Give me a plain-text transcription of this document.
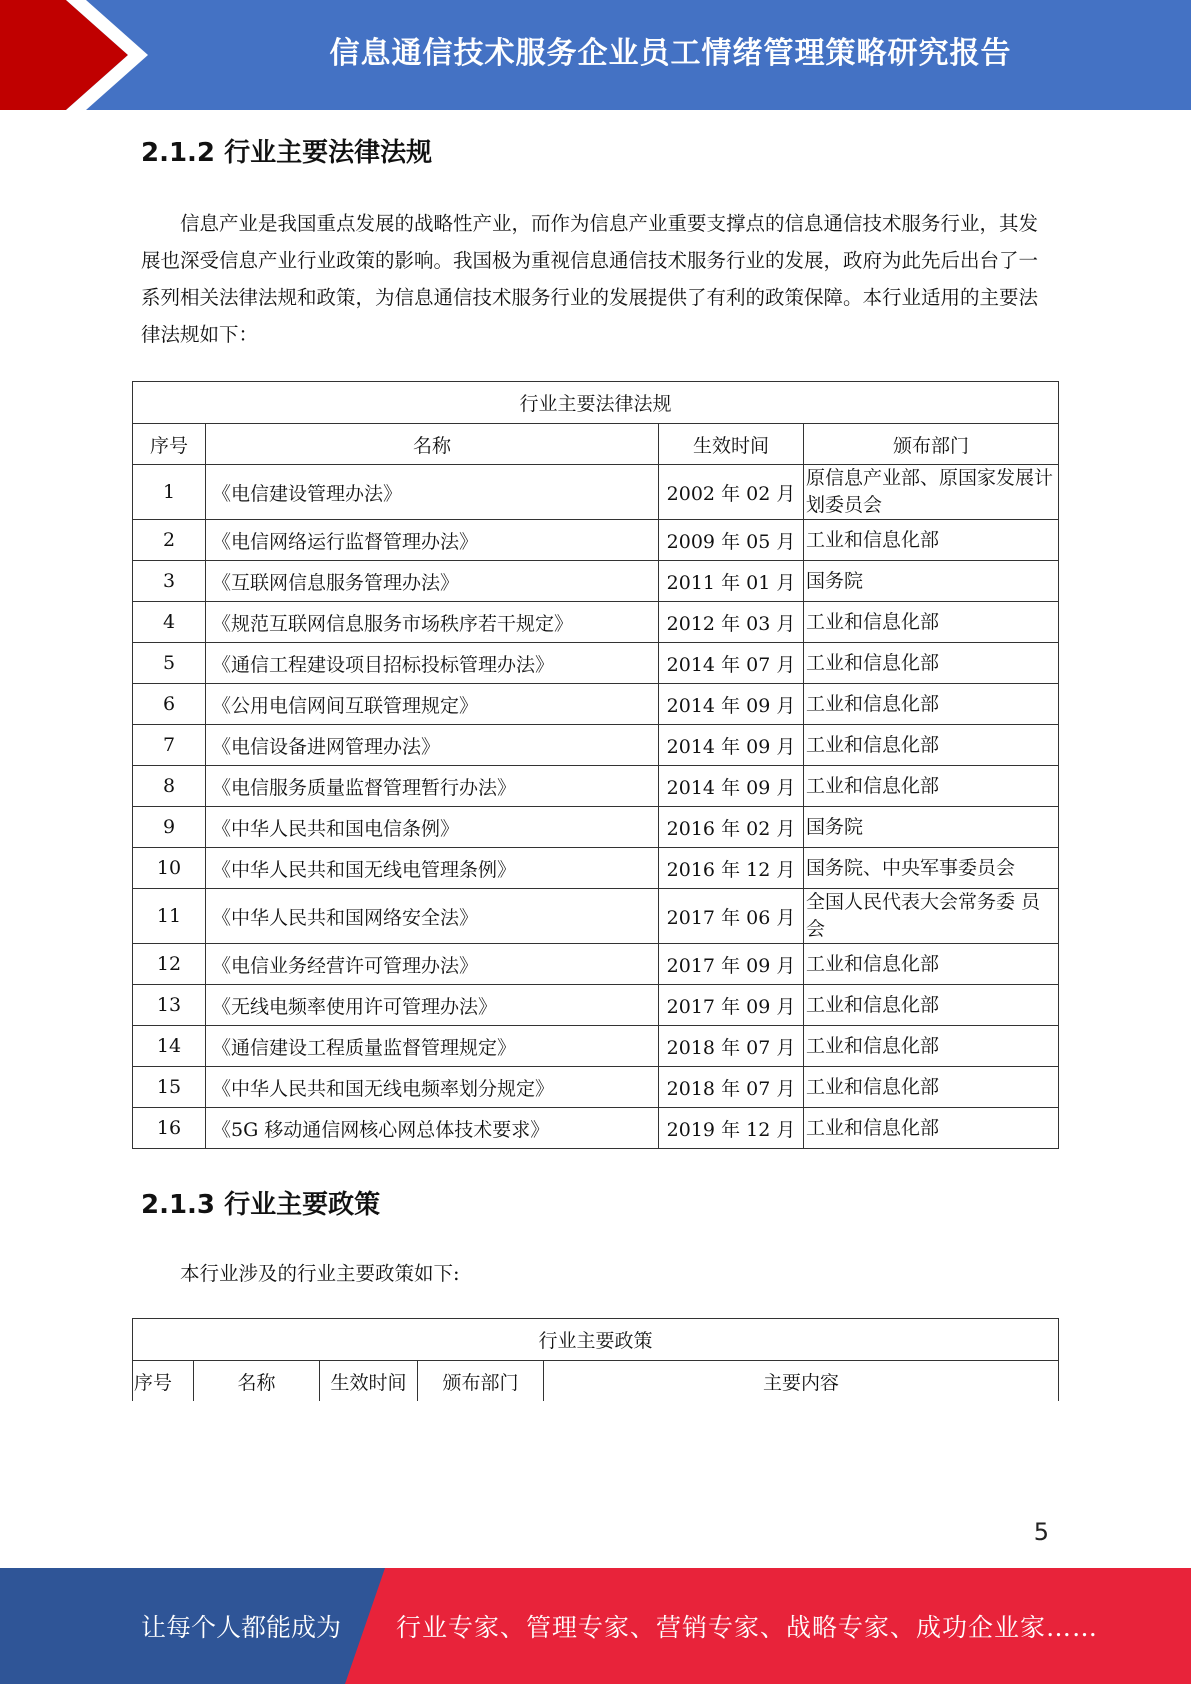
信息通信技术服务企业员工情绪管理策略研究报告
2.1.2 行业主要法律法规

信息产业是我国重点发展的战略性产业，而作为信息产业重要支撑点的信息通信技术服务行业，其发展也深受信息产业行业政策的影响。我国极为重视信息通信技术服务行业的发展，政府为此先后出台了一系列相关法律法规和政策，为信息通信技术服务行业的发展提供了有利的政策保障。本行业适用的主要法律法规如下：

行业主要法律法规			
序号	名称	生效时间	颁布部门
1	《电信建设管理办法》	2002 年 02 月	原信息产业部、原国家发展计划委员会
2	《电信网络运行监督管理办法》	2009 年 05 月	工业和信息化部
3	《互联网信息服务管理办法》	2011 年 01 月	国务院
4	《规范互联网信息服务市场秩序若干规定》	2012 年 03 月	工业和信息化部
5	《通信工程建设项目招标投标管理办法》	2014 年 07 月	工业和信息化部
6	《公用电信网间互联管理规定》	2014 年 09 月	工业和信息化部
7	《电信设备进网管理办法》	2014 年 09 月	工业和信息化部
8	《电信服务质量监督管理暂行办法》	2014 年 09 月	工业和信息化部
9	《中华人民共和国电信条例》	2016 年 02 月	国务院
10	《中华人民共和国无线电管理条例》	2016 年 12 月	国务院、中央军事委员会
11	《中华人民共和国网络安全法》	2017 年 06 月	全国人民代表大会常务委 员会
12	《电信业务经营许可管理办法》	2017 年 09 月	工业和信息化部
13	《无线电频率使用许可管理办法》	2017 年 09 月	工业和信息化部
14	《通信建设工程质量监督管理规定》	2018 年 07 月	工业和信息化部
15	《中华人民共和国无线电频率划分规定》	2018 年 07 月	工业和信息化部
16	《5G 移动通信网核心网总体技术要求》	2019 年 12 月	工业和信息化部
2.1.3 行业主要政策

本行业涉及的行业主要政策如下:

行业主要政策
序号	名称	生效时间	颁布部门	主要内容
5
让每个人都能成为 行业专家、管理专家、营销专家、战略专家、成功企业家……
